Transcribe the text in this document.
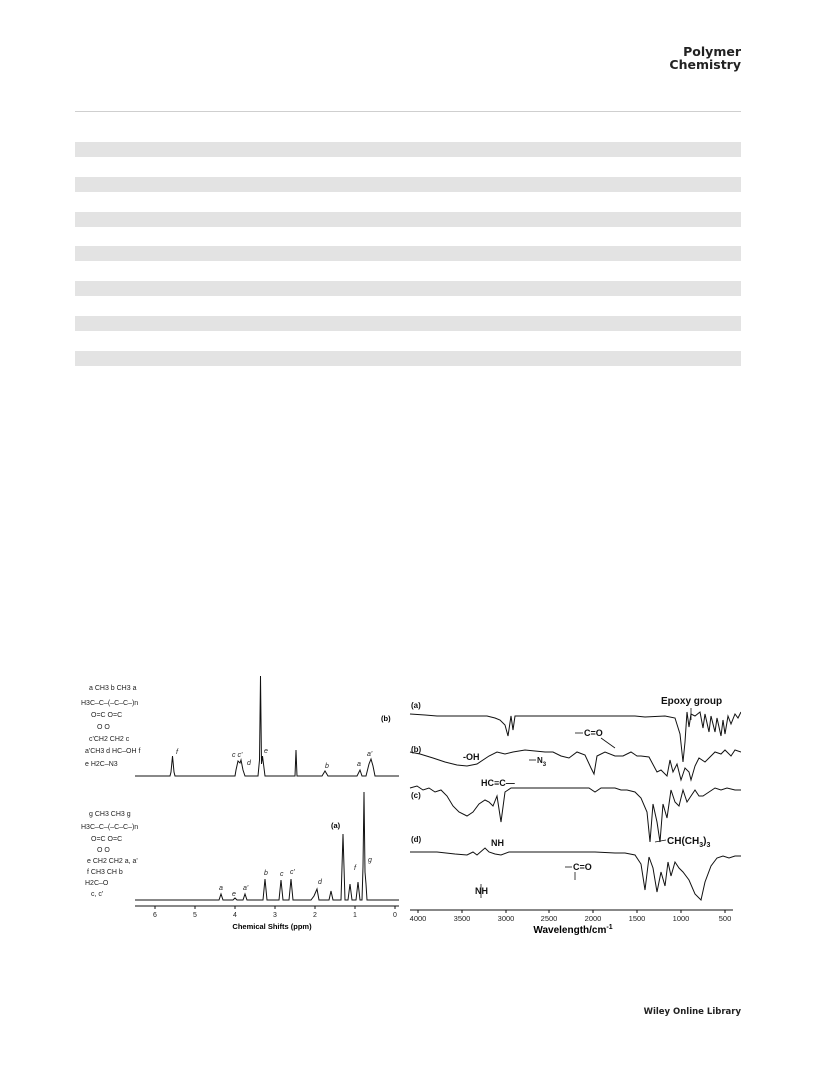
Polymer
Chemistry
a CH3 b CH3 a
H3C–C–(–C–C–)n
O=C O=C
O O
c'CH2 CH2 c
a'CH3 d HC–OH f
e H2C–N3
g CH3 CH3 g
H3C–C–(–C–C–)n
O=C O=C
O O
e CH2 CH2 a, a'
f CH3 CH b
H2C–O
c, c'
(b)
(a)
f	c c'
d
e
b	a
a'
a
e
a'
b c c'
d
f
g
6	5	4	3	2	1	0
Chemical Shifts (ppm)
(a)
(b)
(c)
(d)
Epoxy group
C=O
-OH	$N_3$
HC≡C—
NH	$CH(CH_3)_3$
NH
C=O
4000	3500	3000	2500	2000	1500	1000	500
Wavelength/$cm^{-1}$
Wiley Online Library
